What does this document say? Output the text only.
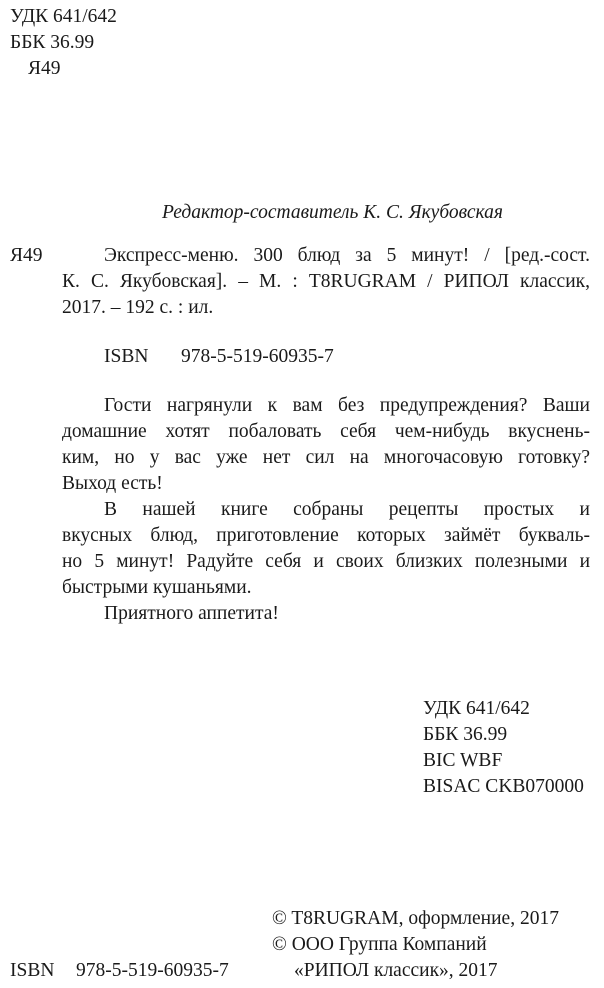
УДК 641/642
ББК 36.99
Я49
Редактор-составитель К. С. Якубовская
Я49	Экспресс-меню. 300 блюд за 5 минут! / [ред.-сост.
К. С. Якубовская]. – М. : T8RUGRAM / РИПОЛ классик,
2017. – 192 с. : ил.
ISBN 978-5-519-60935-7
Гости нагрянули к вам без предупреждения? Ваши
домашние хотят побаловать себя чем-нибудь вкуснень-
ким, но у вас уже нет сил на многочасовую готовку?
Выход есть!
В нашей книге собраны рецепты простых и
вкусных блюд, приготовление которых займёт букваль-
но 5 минут! Радуйте себя и своих близких полезными и
быстрыми кушаньями.
Приятного аппетита!
УДК 641/642
ББК 36.99
BIC WBF
BISAC CKB070000
© T8RUGRAM, оформление, 2017
© ООО Группа Компаний
«РИПОЛ классик», 2017
ISBN 978-5-519-60935-7
